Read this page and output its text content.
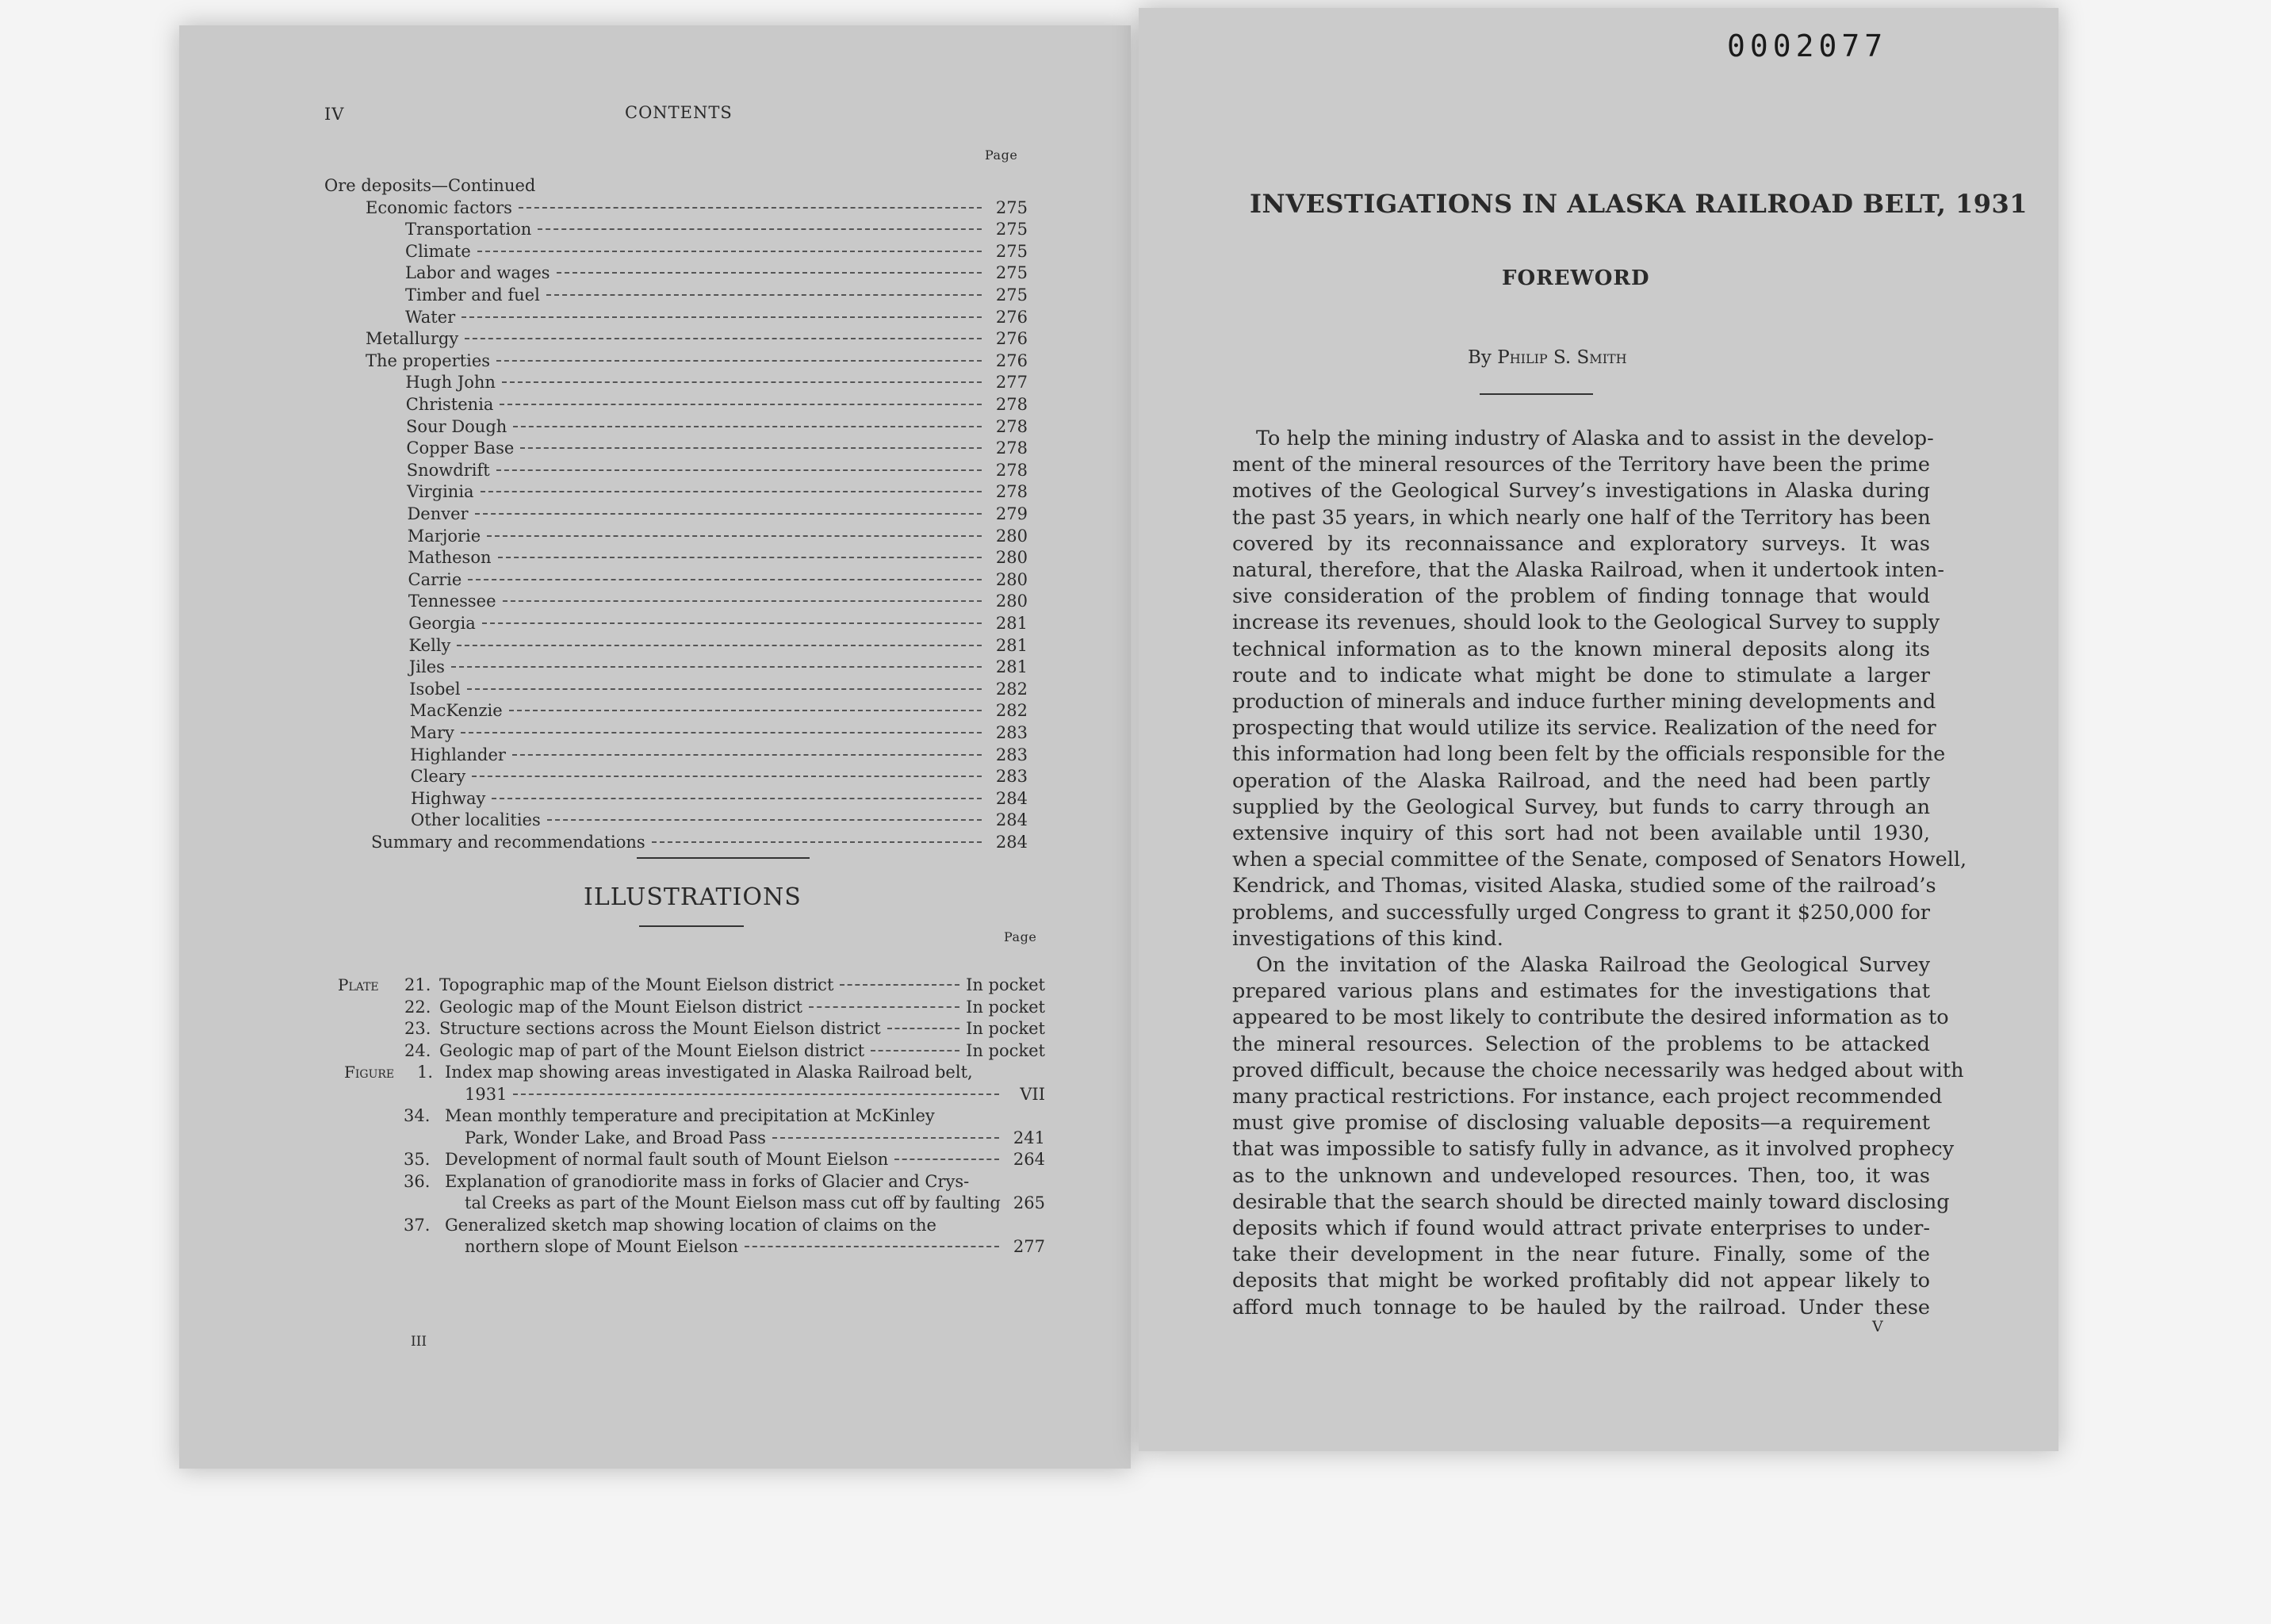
IV	CONTENTS
Page
Ore deposits—Continued
Economic factors	275
Transportation	275
Climate	275
Labor and wages	275
Timber and fuel	275
Water	276
Metallurgy	276
The properties	276
Hugh John	277
Christenia	278
Sour Dough	278
Copper Base	278
Snowdrift	278
Virginia	278
Denver	279
Marjorie	280
Matheson	280
Carrie	280
Tennessee	280
Georgia	281
Kelly	281
Jiles	281
Isobel	282
MacKenzie	282
Mary	283
Highlander	283
Cleary	283
Highway	284
Other localities	284
Summary and recommendations	284
ILLUSTRATIONS
Page
Plate 21. Topographic map of the Mount Eielson district	In pocket
22. Geologic map of the Mount Eielson district	In pocket
23. Structure sections across the Mount Eielson district	In pocket
24. Geologic map of part of the Mount Eielson district	In pocket
Figure 1. Index map showing areas investigated in Alaska Railroad belt,
1931	VII
34. Mean monthly temperature and precipitation at McKinley
Park, Wonder Lake, and Broad Pass	241
35. Development of normal fault south of Mount Eielson	264
36. Explanation of granodiorite mass in forks of Glacier and Crys-
tal Creeks as part of the Mount Eielson mass cut off by faulting 265
37. Generalized sketch map showing location of claims on the
northern slope of Mount Eielson	277
III
0002077
INVESTIGATIONS IN ALASKA RAILROAD BELT, 1931
FOREWORD
By Philip S. Smith
To help the mining industry of Alaska and to assist in the develop-
ment of the mineral resources of the Territory have been the prime
motives of the Geological Survey’s investigations in Alaska during
the past 35 years, in which nearly one half of the Territory has been
covered by its reconnaissance and exploratory surveys. It was
natural, therefore, that the Alaska Railroad, when it undertook inten-
sive consideration of the problem of finding tonnage that would
increase its revenues, should look to the Geological Survey to supply
technical information as to the known mineral deposits along its
route and to indicate what might be done to stimulate a larger
production of minerals and induce further mining developments and
prospecting that would utilize its service. Realization of the need for
this information had long been felt by the officials responsible for the
operation of the Alaska Railroad, and the need had been partly
supplied by the Geological Survey, but funds to carry through an
extensive inquiry of this sort had not been available until 1930,
when a special committee of the Senate, composed of Senators Howell,
Kendrick, and Thomas, visited Alaska, studied some of the railroad’s
problems, and successfully urged Congress to grant it $250,000 for
investigations of this kind.
On the invitation of the Alaska Railroad the Geological Survey
prepared various plans and estimates for the investigations that
appeared to be most likely to contribute the desired information as to
the mineral resources. Selection of the problems to be attacked
proved difficult, because the choice necessarily was hedged about with
many practical restrictions. For instance, each project recommended
must give promise of disclosing valuable deposits—a requirement
that was impossible to satisfy fully in advance, as it involved prophecy
as to the unknown and undeveloped resources. Then, too, it was
desirable that the search should be directed mainly toward disclosing
deposits which if found would attract private enterprises to under-
take their development in the near future. Finally, some of the
deposits that might be worked profitably did not appear likely to
afford much tonnage to be hauled by the railroad. Under these
V
